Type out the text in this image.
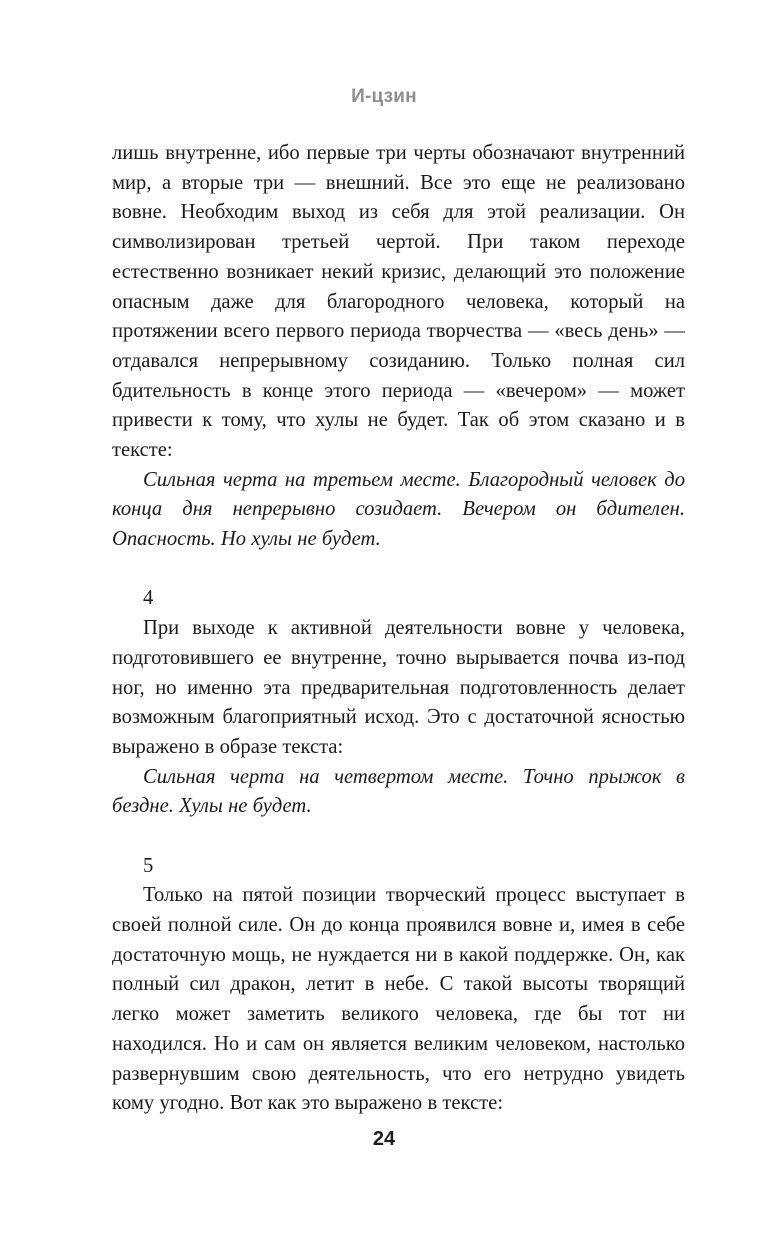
И-цзин

лишь внутренне, ибо первые три черты обозначают внутренний мир, а вторые три — внешний. Все это еще не реализовано вовне. Необходим выход из себя для этой реализации. Он символизирован третьей чертой. При таком переходе естественно возникает некий кризис, делающий это положение опасным даже для благородного человека, который на протяжении всего первого периода творчества — «весь день» — отдавался непрерывному созиданию. Только полная сил бдительность в конце этого периода — «вечером» — может привести к тому, что хулы не будет. Так об этом сказано и в тексте:

Сильная черта на третьем месте. Благородный человек до конца дня непрерывно созидает. Вечером он бдителен. Опасность. Но хулы не будет.

4

При выходе к активной деятельности вовне у человека, подготовившего ее внутренне, точно вырывается почва из-под ног, но именно эта предварительная подготовленность делает возможным благоприятный исход. Это с достаточной ясностью выражено в образе текста:

Сильная черта на четвертом месте. Точно прыжок в бездне. Хулы не будет.

5

Только на пятой позиции творческий процесс выступает в своей полной силе. Он до конца проявился вовне и, имея в себе достаточную мощь, не нуждается ни в какой поддержке. Он, как полный сил дракон, летит в небе. С такой высоты творящий легко может заметить великого человека, где бы тот ни находился. Но и сам он является великим человеком, настолько развернувшим свою деятельность, что его нетрудно увидеть кому угодно. Вот как это выражено в тексте:

24
